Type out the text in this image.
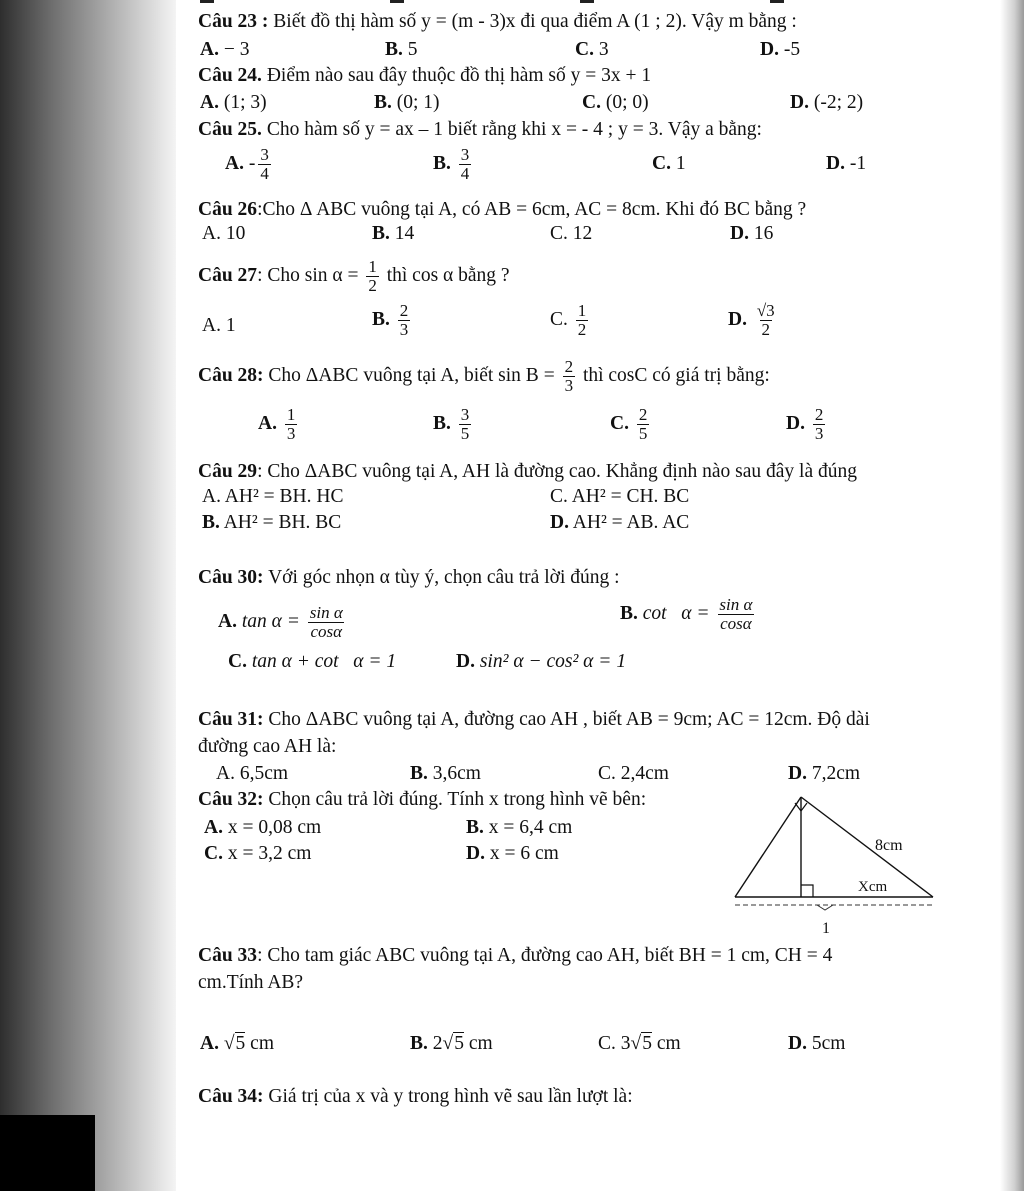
Câu 23 : Biết đồ thị hàm số y = (m - 3)x đi qua điểm A (1 ; 2). Vậy m bằng :
A. − 3	B. 5	C. 3	D. -5
Câu 24. Điểm nào sau đây thuộc đồ thị hàm số y = 3x + 1
A. (1; 3)	B. (0; 1)	C. (0; 0)	D. (-2; 2)
Câu 25. Cho hàm số y = ax – 1 biết rằng khi x = - 4 ; y = 3. Vậy a bằng:
A. - $\frac{3}{4}$	B. $\frac{3}{4}$	C. 1	D. -1
Câu 26:Cho Δ ABC vuông tại A, có AB = 6cm, AC = 8cm. Khi đó BC bằng ?
A. 10	B. 14	C. 12	D. 16
Câu 27: Cho $\sin \alpha = \frac{1}{2}$ thì cos α bằng ?
A. 1	B. $\frac{2}{3}$	C. $\frac{1}{2}$	D. $\frac{√3}{2}$
Câu 28: Cho ΔABC vuông tại A, biết $\sin B = \frac{2}{3}$ thì cosC có giá trị bằng:
A. $\frac{1}{3}$	B. $\frac{3}{5}$	C. $\frac{2}{5}$	D. $\frac{2}{3}$
Câu 29: Cho ΔABC vuông tại A, AH là đường cao. Khẳng định nào sau đây là đúng
A. AH² = BH. HC	C. AH² = CH. BC
B. AH² = BH. BC	D. AH² = AB. AC
Câu 30: Với góc nhọn α tùy ý, chọn câu trả lời đúng :
A. $\tan \alpha = \frac{\text{sin α}}{\cos\alpha}$	B. $\cot \alpha = \frac{\text{sin α}}{\cos\alpha}$
C. tan α + cot   α = 1	D. sin² α − cos² α = 1
Câu 31: Cho ΔABC vuông tại A, đường cao AH , biết AB = 9cm; AC = 12cm. Độ dài
đường cao AH là:
A. 6,5cm	B. 3,6cm	C. 2,4cm	D. 7,2cm
Câu 32: Chọn câu trả lời đúng. Tính x trong hình vẽ bên:
A. x = 0,08 cm	B. x = 6,4 cm
C. x = 3,2 cm	D. x = 6 cm	8cm
Xcm
1
Câu 33: Cho tam giác ABC vuông tại A, đường cao AH, biết BH = 1 cm, CH = 4
cm.Tính AB?
A. √5 cm	B. 2√5 cm	C. 3√5 cm	D. 5cm
Câu 34: Giá trị của x và y trong hình vẽ sau lần lượt là:
